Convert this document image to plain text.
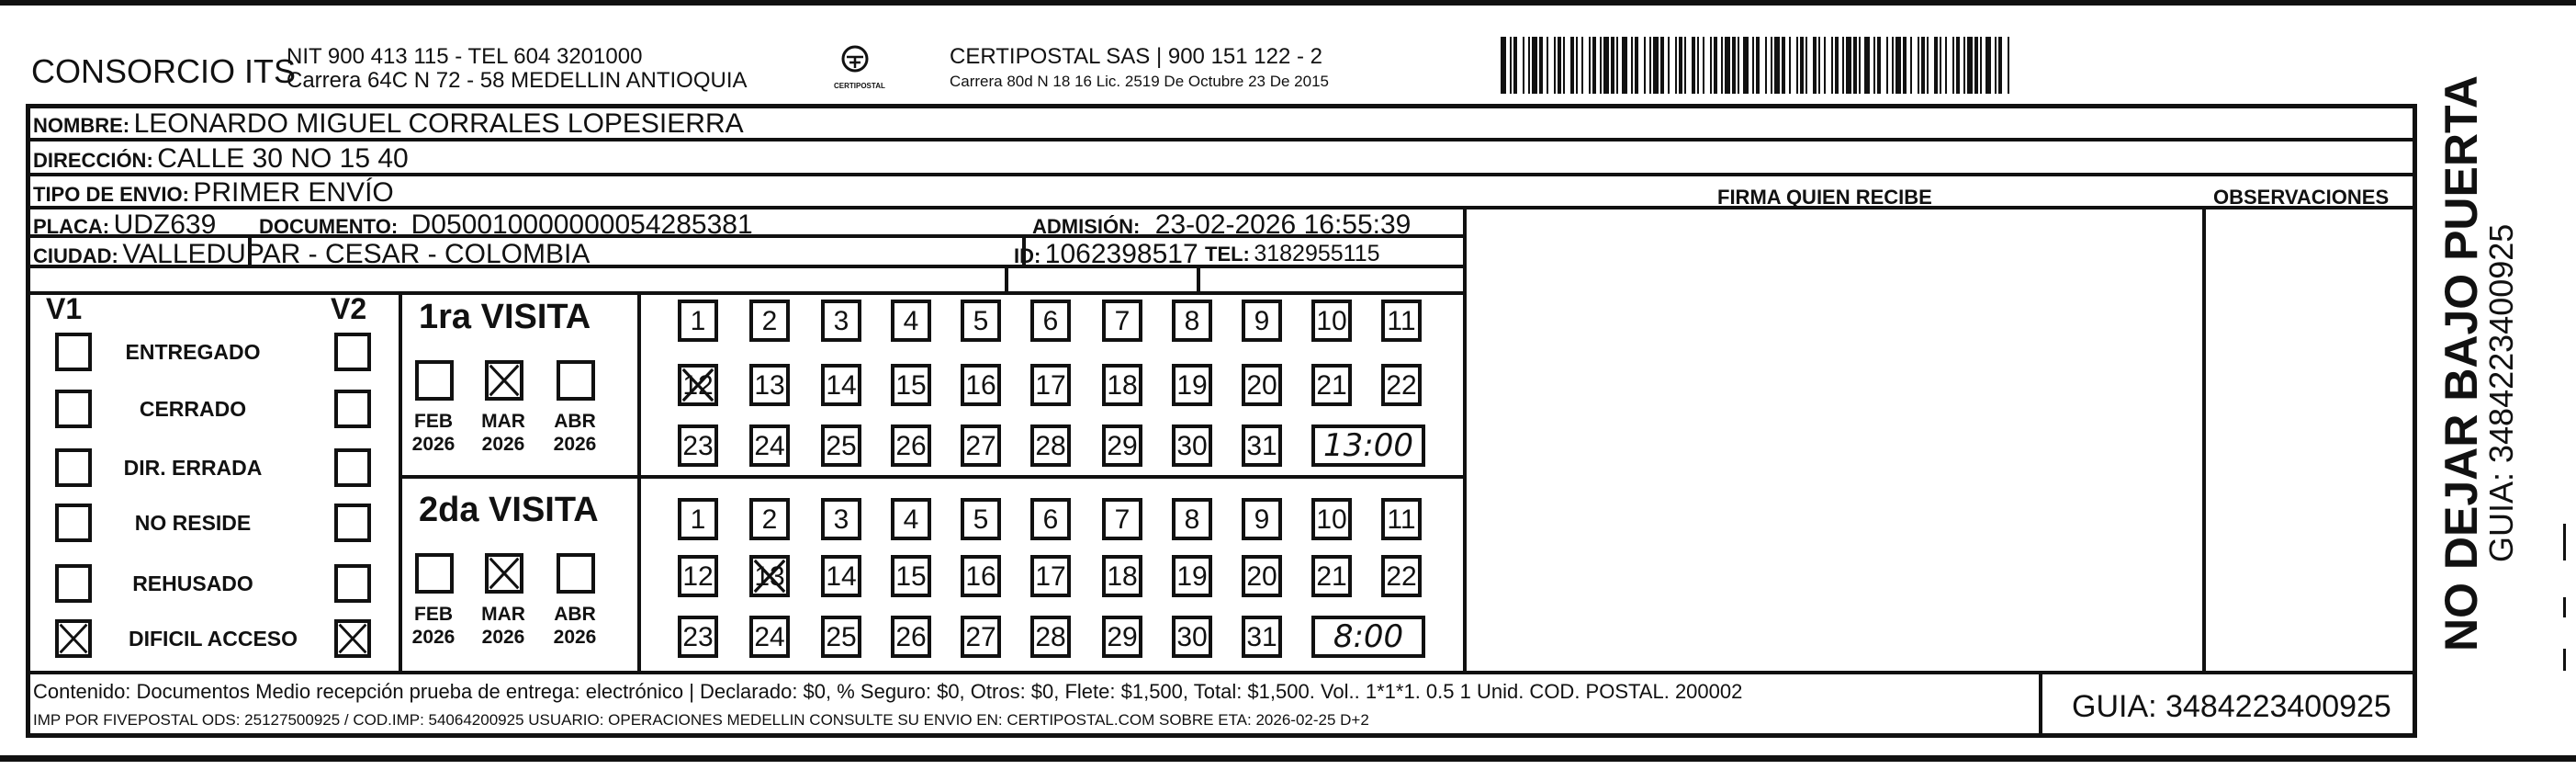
CONSORCIO ITS
NIT 900 413 115 - TEL 604 3201000
Carrera 64C N 72 - 58 MEDELLIN ANTIOQUIA	CERTIPOSTAL
CERTIPOSTAL SAS | 900 151 122 - 2
Carrera 80d N 18 16 Lic. 2519 De Octubre 23 De 2015
NOMBRE: LEONARDO MIGUEL CORRALES LOPESIERRA
DIRECCIÓN: CALLE 30 NO 15 40
TIPO DE ENVIO: PRIMER ENVÍO	FIRMA QUIEN RECIBE	OBSERVACIONES
PLACA: UDZ639 DOCUMENTO: D050010000000054285381	ADMISIÓN: 23-02-2026 16:55:39
CIUDAD: VALLEDUPAR - CESAR - COLOMBIA	ID: 1062398517 TEL: 3182955115
V1	V2
ENTREGADO
CERRADO
DIR. ERRADA
NO RESIDE
REHUSADO
DIFICIL ACCESO
1ra VISITA
FEB
2026
MAR
2026
ABR
2026
1	2	3	4	5	6	7	8	9	10 11
12 13 14 15 16 17 18 19 20 21 22
23 24 25 26 27 28 29 30 31	13:00
2da VISITA
FEB
2026
MAR
2026
ABR
2026
1	2	3	4	5	6	7	8	9	10 11
12 13 14 15 16 17 18 19 20 21 22
23 24 25 26 27 28 29 30 31	8:00
Contenido: Documentos Medio recepción prueba de entrega: electrónico | Declarado: $0, % Seguro: $0, Otros: $0, Flete: $1,500, Total: $1,500. Vol.. 1*1*1. 0.5 1 Unid. COD. POSTAL. 200002
IMP POR FIVEPOSTAL ODS: 25127500925 / COD.IMP: 54064200925 USUARIO: OPERACIONES MEDELLIN CONSULTE SU ENVIO EN: CERTIPOSTAL.COM SOBRE ETA: 2026-02-25 D+2	GUIA: 3484223400925
NO DEJAR BAJO PUERTA
GUIA: 3484223400925
